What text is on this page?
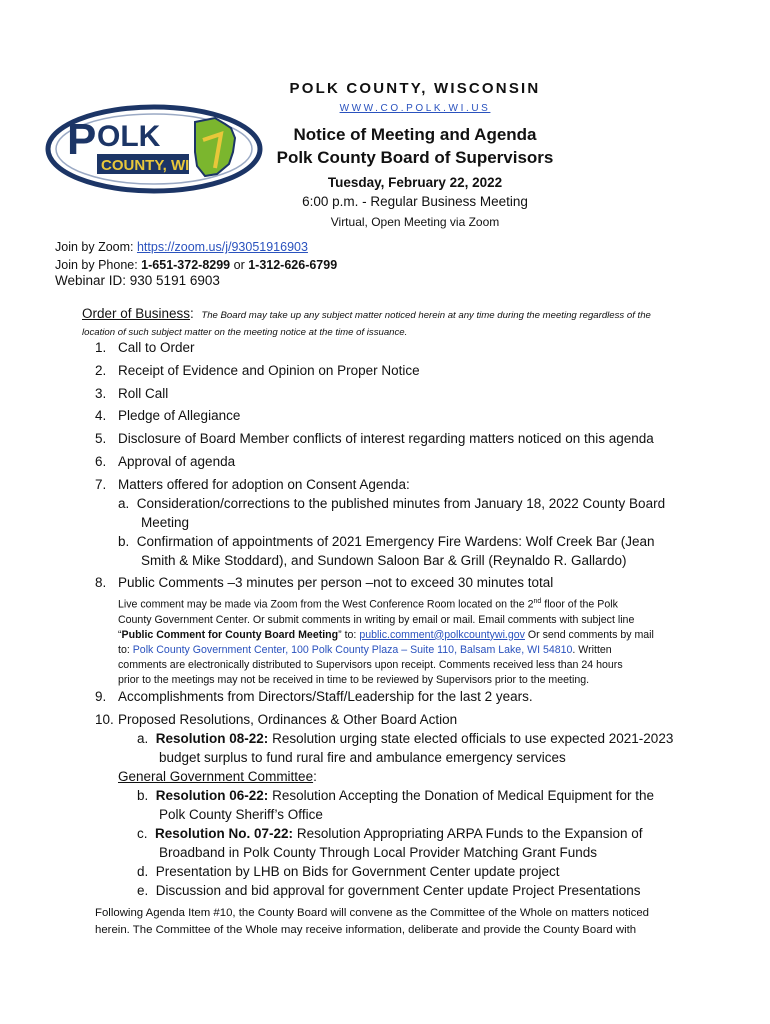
POLK COUNTY, WISCONSIN
WWW.CO.POLK.WI.US
P OLK
COUNTY, WI
Notice of Meeting and Agenda
Polk County Board of Supervisors
Tuesday, February 22, 2022
6:00 p.m. - Regular Business Meeting
Virtual, Open Meeting via Zoom
Join by Zoom: https://zoom.us/j/93051916903
Join by Phone: 1-651-372-8299 or 1-312-626-6799
Webinar ID: 930 5191 6903
Order of Business: The Board may take up any subject matter noticed herein at any time during the meeting regardless of the
location of such subject matter on the meeting notice at the time of issuance.
1. Call to Order
2. Receipt of Evidence and Opinion on Proper Notice
3. Roll Call
4. Pledge of Allegiance
5. Disclosure of Board Member conflicts of interest regarding matters noticed on this agenda
6. Approval of agenda
7. Matters offered for adoption on Consent Agenda:
a. Consideration/corrections to the published minutes from January 18, 2022 County Board
Meeting
b. Confirmation of appointments of 2021 Emergency Fire Wardens: Wolf Creek Bar (Jean
Smith & Mike Stoddard), and Sundown Saloon Bar & Grill (Reynaldo R. Gallardo)
8. Public Comments –3 minutes per person –not to exceed 30 minutes total
Live comment may be made via Zoom from the West Conference Room located on the 2nd floor of the Polk
County Government Center. Or submit comments in writing by email or mail. Email comments with subject line
“Public Comment for County Board Meeting” to: public.comment@polkcountywi.gov Or send comments by mail
to: Polk County Government Center, 100 Polk County Plaza – Suite 110, Balsam Lake, WI 54810. Written
comments are electronically distributed to Supervisors upon receipt. Comments received less than 24 hours
prior to the meetings may not be received in time to be reviewed by Supervisors prior to the meeting.
9. Accomplishments from Directors/Staff/Leadership for the last 2 years.
10. Proposed Resolutions, Ordinances & Other Board Action
a. Resolution 08-22: Resolution urging state elected officials to use expected 2021-2023
budget surplus to fund rural fire and ambulance emergency services
General Government Committee:
b. Resolution 06-22: Resolution Accepting the Donation of Medical Equipment for the
Polk County Sheriff’s Office
c. Resolution No. 07-22: Resolution Appropriating ARPA Funds to the Expansion of
Broadband in Polk County Through Local Provider Matching Grant Funds
d. Presentation by LHB on Bids for Government Center update project
e. Discussion and bid approval for government Center update Project Presentations
Following Agenda Item #10, the County Board will convene as the Committee of the Whole on matters noticed
herein. The Committee of the Whole may receive information, deliberate and provide the County Board with
